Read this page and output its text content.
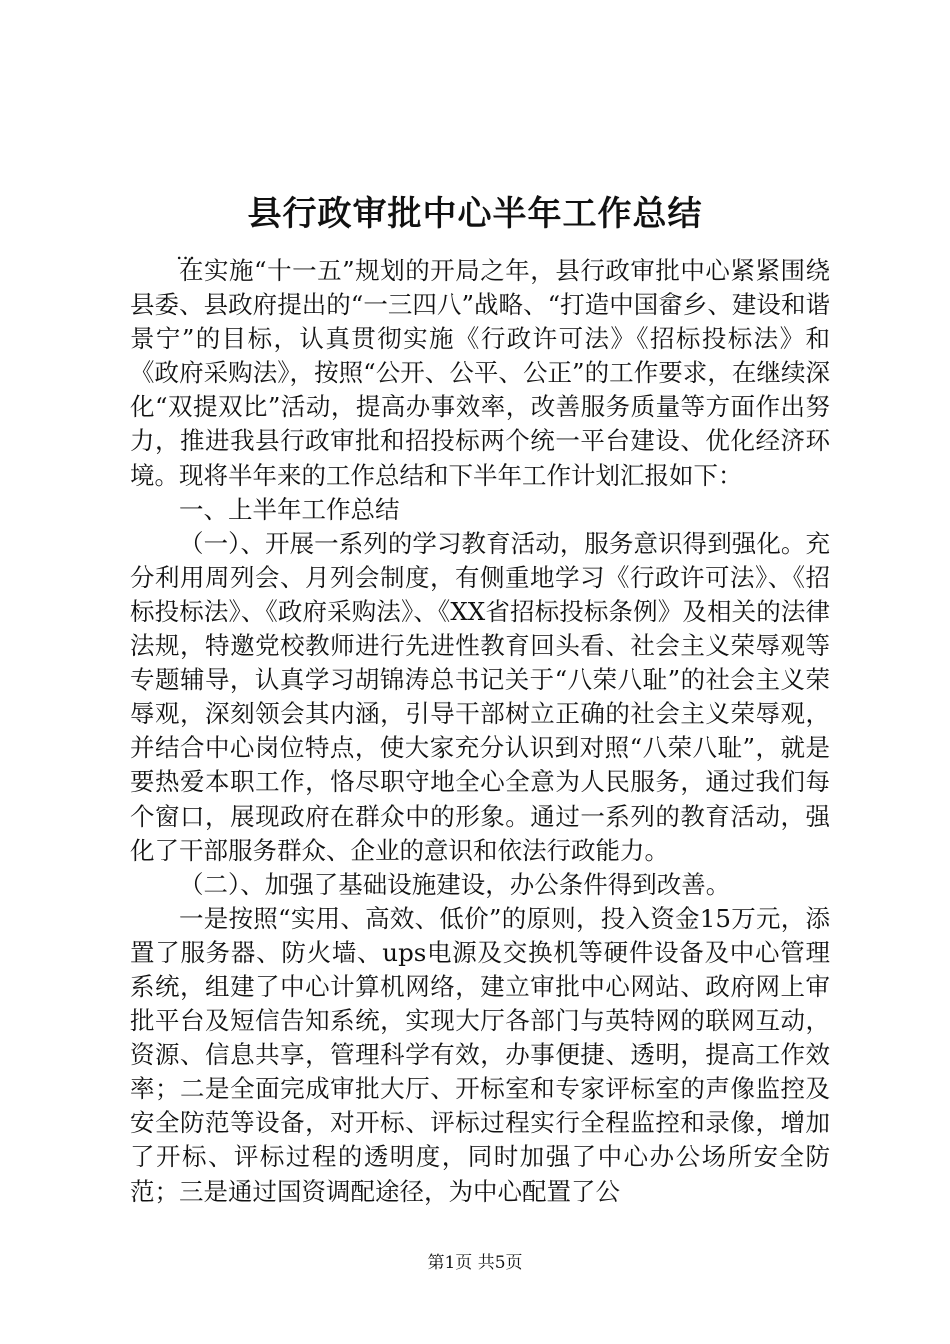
县行政审批中心半年工作总结
...

在实施“十一五”规划的开局之年，县行政审批中心紧紧围绕县委、县政府提出的“一三四八”战略、“打造中国畲乡、建设和谐景宁”的目标，认真贯彻实施《行政许可法》《招标投标法》和《政府采购法》，按照“公开、公平、公正”的工作要求，在继续深化“双提双比”活动，提高办事效率，改善服务质量等方面作出努力，推进我县行政审批和招投标两个统一平台建设、优化经济环境。现将半年来的工作总结和下半年工作计划汇报如下：

一、上半年工作总结

（一）、开展一系列的学习教育活动，服务意识得到强化。充分利用周列会、月列会制度，有侧重地学习《行政许可法》、《招标投标法》、《政府采购法》、《XX省招标投标条例》及相关的法律法规，特邀党校教师进行先进性教育回头看、社会主义荣辱观等专题辅导，认真学习胡锦涛总书记关于“八荣八耻”的社会主义荣辱观，深刻领会其内涵，引导干部树立正确的社会主义荣辱观，并结合中心岗位特点，使大家充分认识到对照“八荣八耻”，就是要热爱本职工作，恪尽职守地全心全意为人民服务，通过我们每个窗口，展现政府在群众中的形象。通过一系列的教育活动，强化了干部服务群众、企业的意识和依法行政能力。

（二）、加强了基础设施建设，办公条件得到改善。

一是按照“实用、高效、低价”的原则，投入资金15万元，添置了服务器、防火墙、ups电源及交换机等硬件设备及中心管理系统，组建了中心计算机网络，建立审批中心网站、政府网上审批平台及短信告知系统，实现大厅各部门与英特网的联网互动，资源、信息共享，管理科学有效，办事便捷、透明，提高工作效率；二是全面完成审批大厅、开标室和专家评标室的声像监控及安全防范等设备，对开标、评标过程实行全程监控和录像，增加了开标、评标过程的透明度，同时加强了中心办公场所安全防范；三是通过国资调配途径，为中心配置了公

第1页 共5页
